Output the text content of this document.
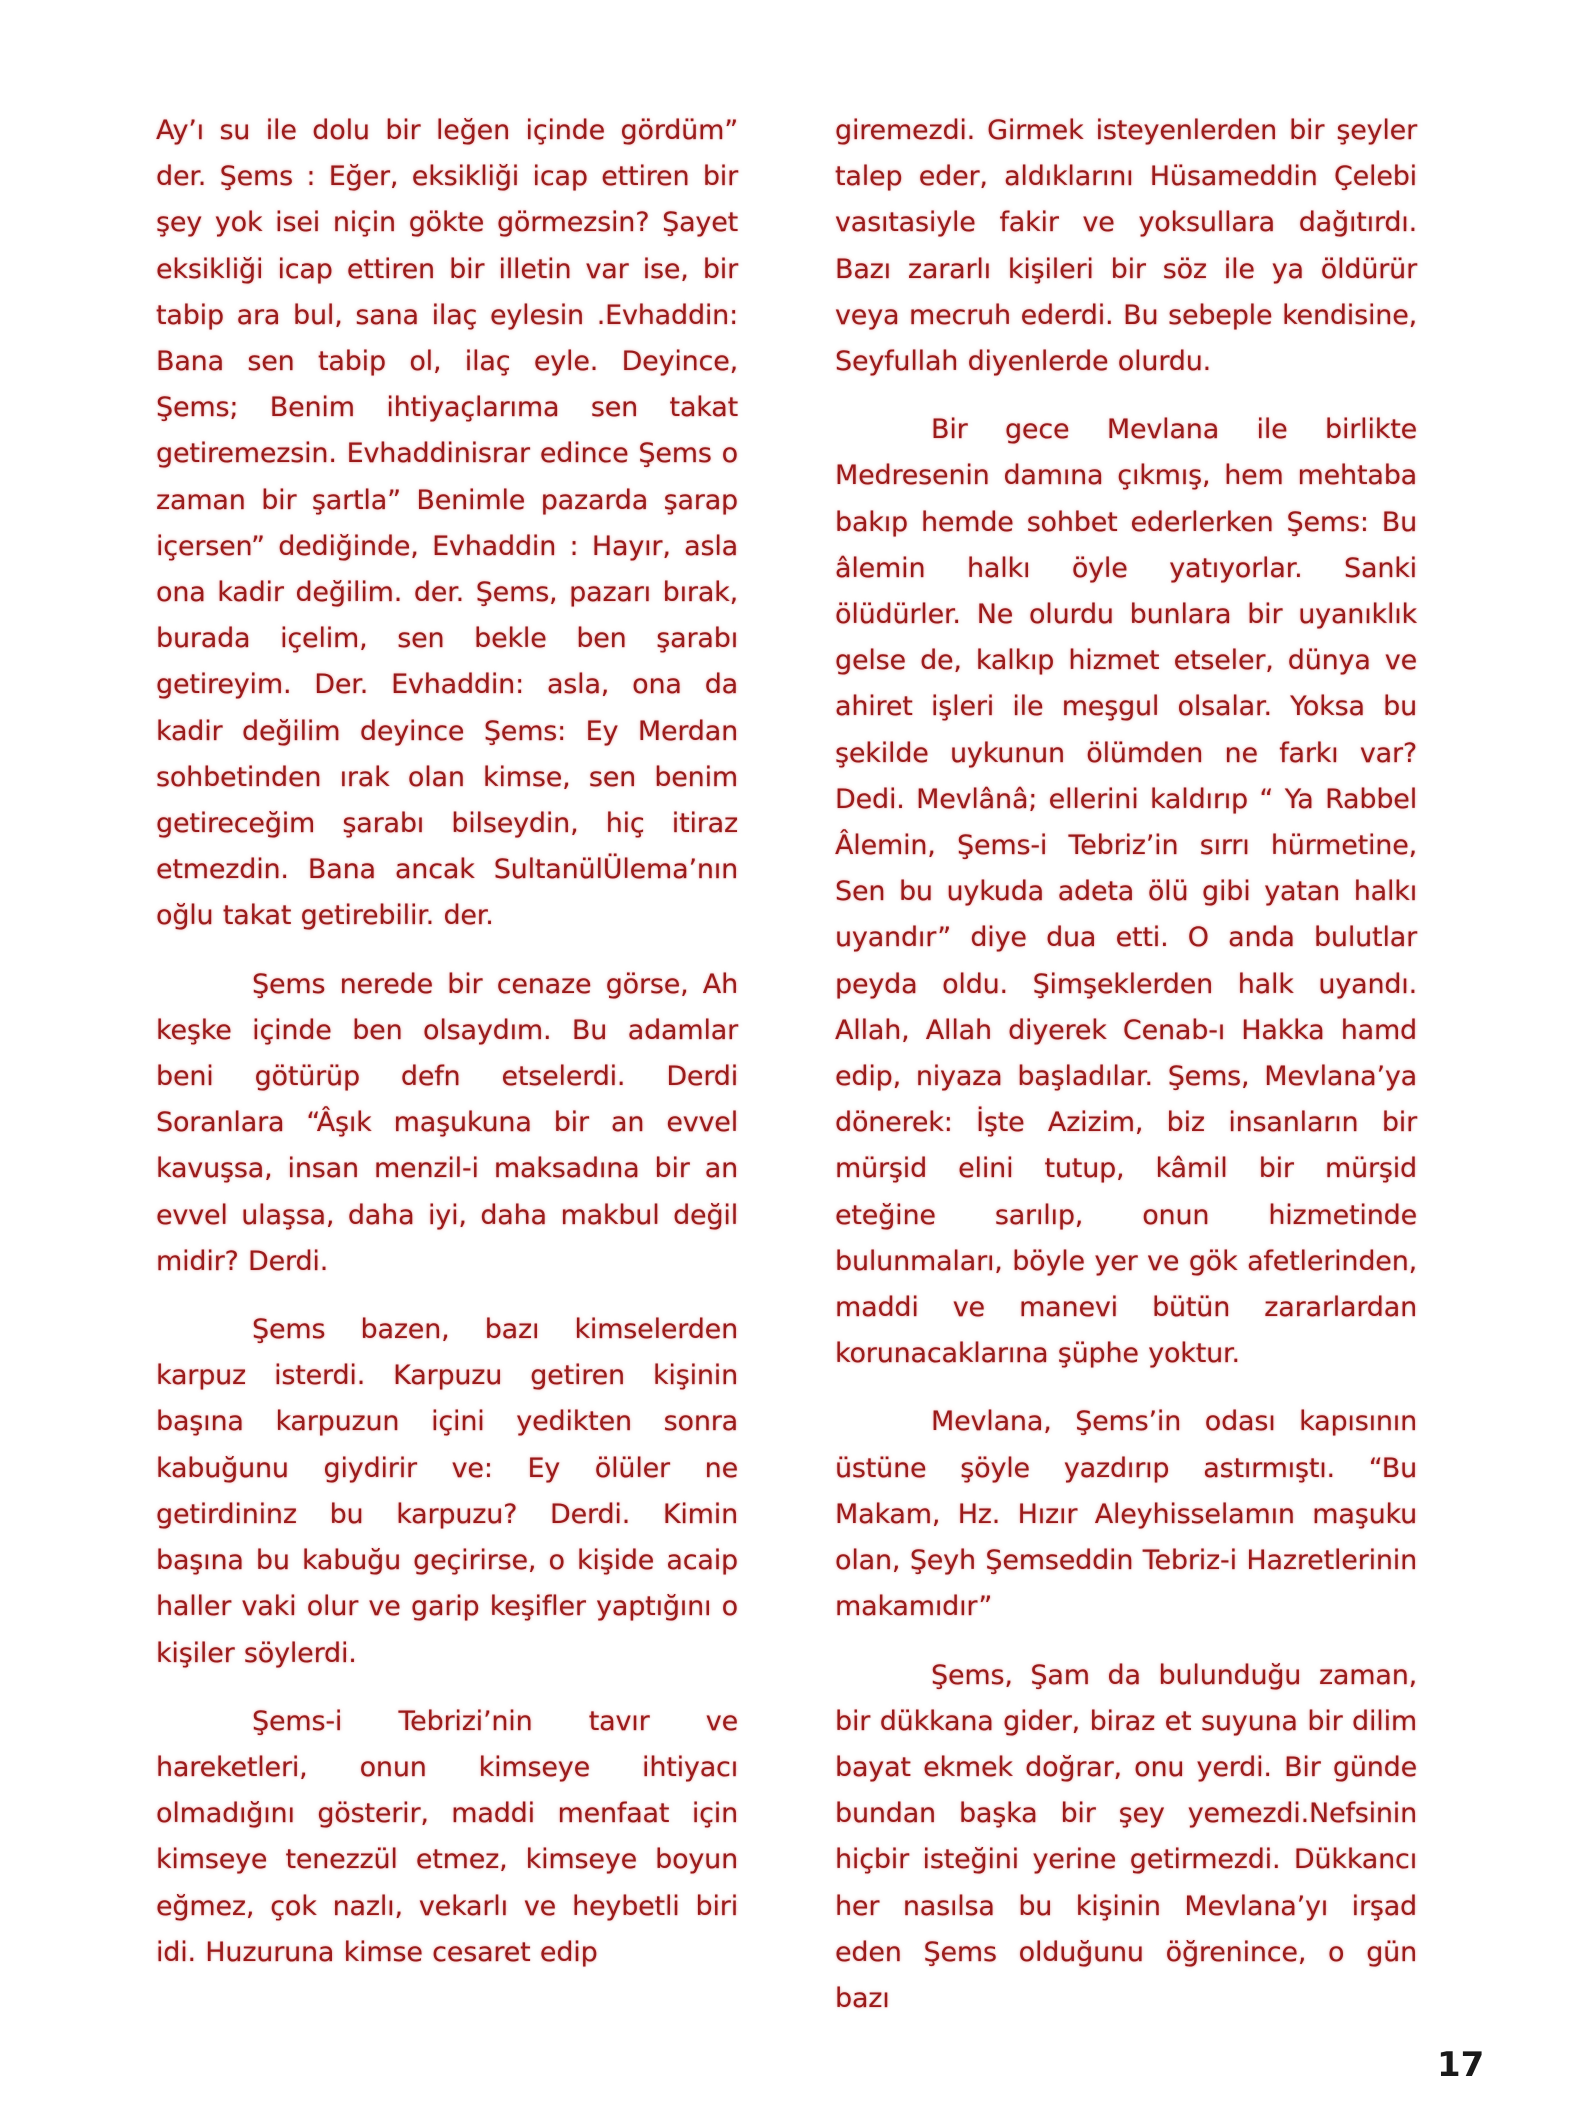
Ay’ı su ile dolu bir leğen içinde gördüm” der. Şems : Eğer, eksikliği icap ettiren bir şey yok isei niçin gökte görmezsin? Şayet eksikliği icap ettiren bir illetin var ise, bir tabip ara bul, sana ilaç eylesin .Evhaddin: Bana sen tabip ol, ilaç eyle. Deyince, Şems; Benim ihtiyaçlarıma sen takat getiremezsin. Evhaddinisrar edince Şems o zaman bir şartla” Benimle pazarda şarap içersen” dediğinde, Evhaddin : Hayır, asla ona kadir değilim. der. Şems, pazarı bırak, burada içelim, sen bekle ben şarabı getireyim. Der. Evhaddin: asla, ona da kadir değilim deyince Şems: Ey Merdan sohbetinden ırak olan kimse, sen benim getireceğim şarabı bilseydin, hiç itiraz etmezdin. Bana ancak SultanülÜlema’nın oğlu takat getirebilir. der.

Şems nerede bir cenaze görse, Ah keşke içinde ben olsaydım. Bu adamlar beni götürüp defn etselerdi. Derdi Soranlara “Âşık maşukuna bir an evvel kavuşsa, insan menzil-i maksadına bir an evvel ulaşsa, daha iyi, daha makbul değil midir? Derdi.

Şems bazen, bazı kimselerden karpuz isterdi. Karpuzu getiren kişinin başına karpuzun içini yedikten sonra kabuğunu giydirir ve: Ey ölüler ne getirdininz bu karpuzu? Derdi. Kimin başına bu kabuğu geçirirse, o kişide acaip haller vaki olur ve garip keşifler yaptığını o kişiler söylerdi.

Şems-i Tebrizi’nin tavır ve hareketleri, onun kimseye ihtiyacı olmadığını gösterir, maddi menfaat için kimseye tenezzül etmez, kimseye boyun eğmez, çok nazlı, vekarlı ve heybetli biri idi. Huzuruna kimse cesaret edip

giremezdi. Girmek isteyenlerden bir şeyler talep eder, aldıklarını Hüsameddin Çelebi vasıtasiyle fakir ve yoksullara dağıtırdı. Bazı zararlı kişileri bir söz ile ya öldürür veya mecruh ederdi. Bu sebeple kendisine, Seyfullah diyenlerde olurdu.

Bir gece Mevlana ile birlikte Medresenin damına çıkmış, hem mehtaba bakıp hemde sohbet ederlerken Şems: Bu âlemin halkı öyle yatıyorlar. Sanki ölüdürler. Ne olurdu bunlara bir uyanıklık gelse de, kalkıp hizmet etseler, dünya ve ahiret işleri ile meşgul olsalar. Yoksa bu şekilde uykunun ölümden ne farkı var? Dedi. Mevlânâ; ellerini kaldırıp “ Ya Rabbel Âlemin, Şems-i Tebriz’in sırrı hürmetine, Sen bu uykuda adeta ölü gibi yatan halkı uyandır” diye dua etti. O anda bulutlar peyda oldu. Şimşeklerden halk uyandı. Allah, Allah diyerek Cenab-ı Hakka hamd edip, niyaza başladılar. Şems, Mevlana’ya dönerek: İşte Azizim, biz insanların bir mürşid elini tutup, kâmil bir mürşid eteğine sarılıp, onun hizmetinde bulunmaları, böyle yer ve gök afetlerinden, maddi ve manevi bütün zararlardan korunacaklarına şüphe yoktur.

Mevlana, Şems’in odası kapısının üstüne şöyle yazdırıp astırmıştı. “Bu Makam, Hz. Hızır Aleyhisselamın maşuku olan, Şeyh Şemseddin Tebriz-i Hazretlerinin makamıdır”

Şems, Şam da bulunduğu zaman, bir dükkana gider, biraz et suyuna bir dilim bayat ekmek doğrar, onu yerdi. Bir günde bundan başka bir şey yemezdi.Nefsinin hiçbir isteğini yerine getirmezdi. Dükkancı her nasılsa bu kişinin Mevlana’yı irşad eden Şems olduğunu öğrenince, o gün bazı

17
